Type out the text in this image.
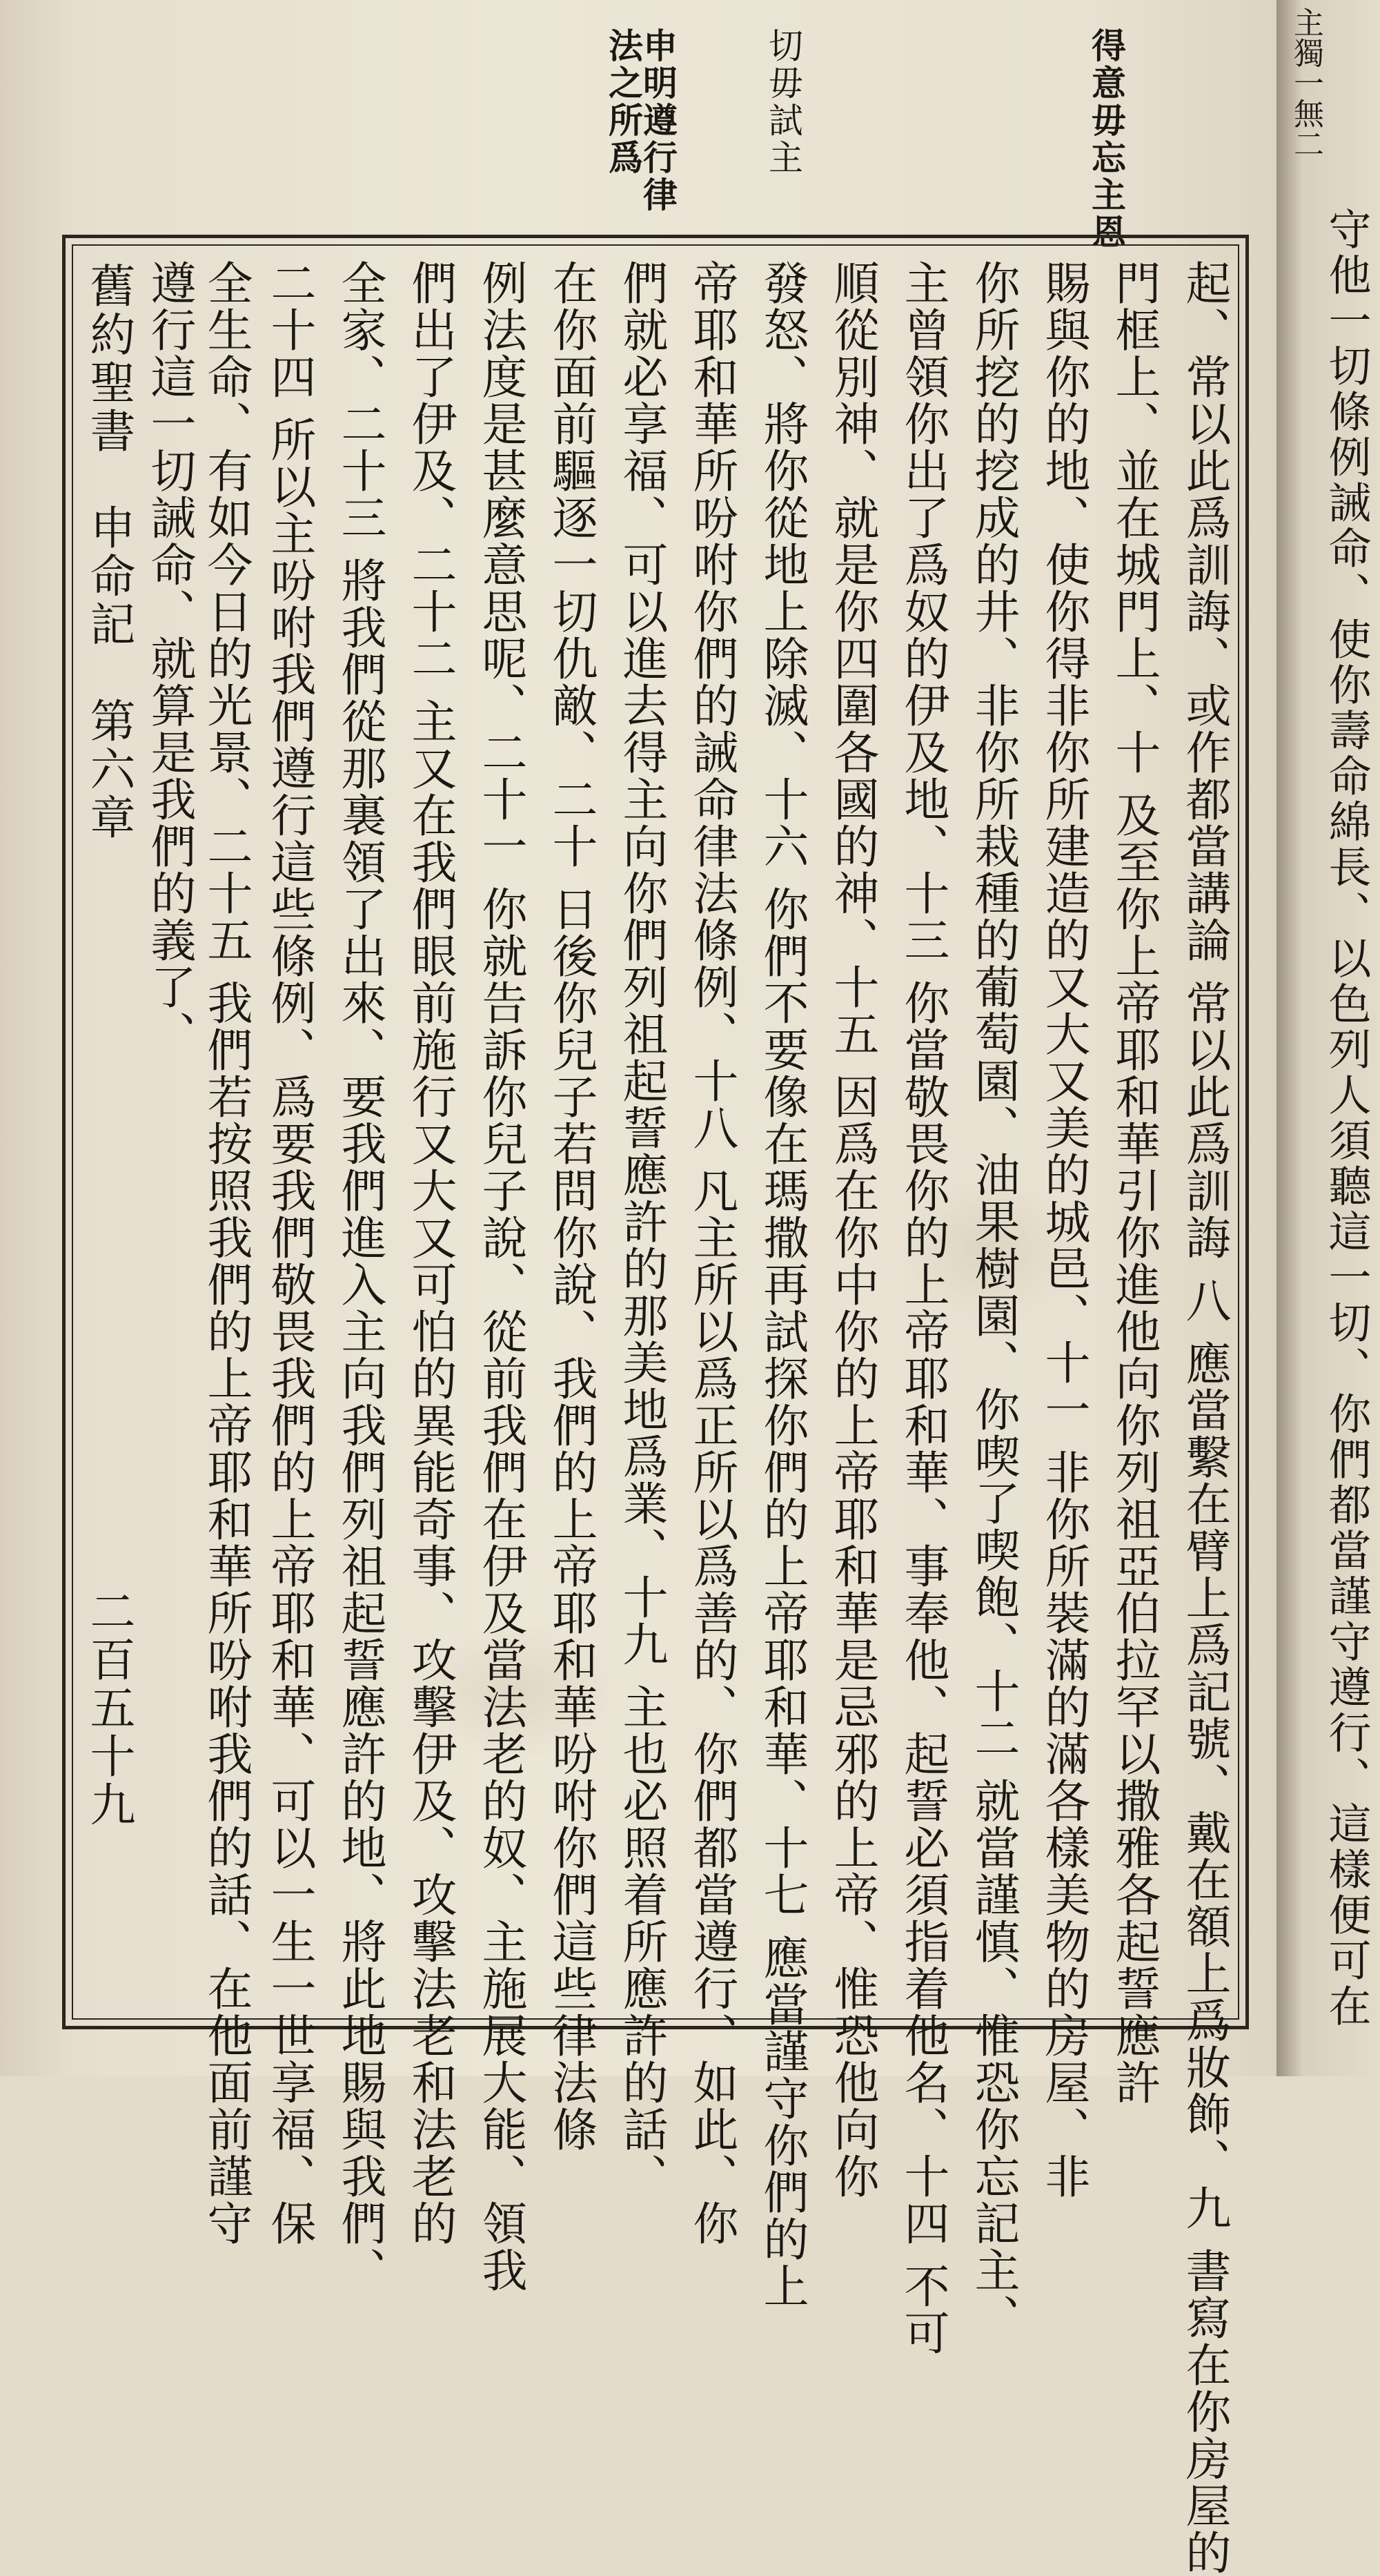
得意毋忘主恩
切毋試主
申明遵行律法之所爲
舊約聖書　申命記　第六章
二百五十九	起、常以此爲訓誨、或作都當講論 常以此爲訓誨 八 應當繫在臂上爲記號、戴在額上爲妝飾、九 書寫在你房屋的
門框上、並在城門上、十 及至你上帝耶和華引你進他向你列祖亞伯拉罕以撒雅各起誓應許
賜與你的地、使你得非你所建造的又大又美的城邑、十一 非你所裝滿的滿各樣美物的房屋、非
你所挖的挖成的井、非你所栽種的葡萄園、油果樹園、你喫了喫飽、十二 就當謹慎、惟恐你忘記主、
主曾領你出了爲奴的伊及地、十三 你當敬畏你的上帝耶和華、事奉他、起誓必須指着他名、十四 不可
順從別神、就是你四圍各國的神、十五 因爲在你中你的上帝耶和華是忌邪的上帝、惟恐他向你
發怒、將你從地上除滅、十六 你們不要像在瑪撒再試探你們的上帝耶和華、十七 應當謹守你們的上
帝耶和華所吩咐你們的誡命律法條例、十八 凡主所以爲正所以爲善的、你們都當遵行、如此、你
們就必享福、可以進去得主向你們列祖起誓應許的那美地爲業、十九 主也必照着所應許的話、
在你面前驅逐一切仇敵、二十 日後你兒子若問你說、我們的上帝耶和華吩咐你們這些律法條
例法度是甚麼意思呢、二十一 你就告訴你兒子說、從前我們在伊及當法老的奴、主施展大能、領我
們出了伊及、二十二 主又在我們眼前施行又大又可怕的異能奇事、攻擊伊及、攻擊法老和法老的
全家、二十三 將我們從那裏領了出來、要我們進入主向我們列祖起誓應許的地、將此地賜與我們、
二十四 所以主吩咐我們遵行這些條例、爲要我們敬畏我們的上帝耶和華、可以一生一世享福、保
全生命、有如今日的光景、二十五 我們若按照我們的上帝耶和華所吩咐我們的話、在他面前謹守
遵行這一切誡命、就算是我們的義了、
主獨一無二
守他一切條例誡命、使你壽命綿長、以色列人須聽這一切、你們都當謹守遵行、這樣便可在
